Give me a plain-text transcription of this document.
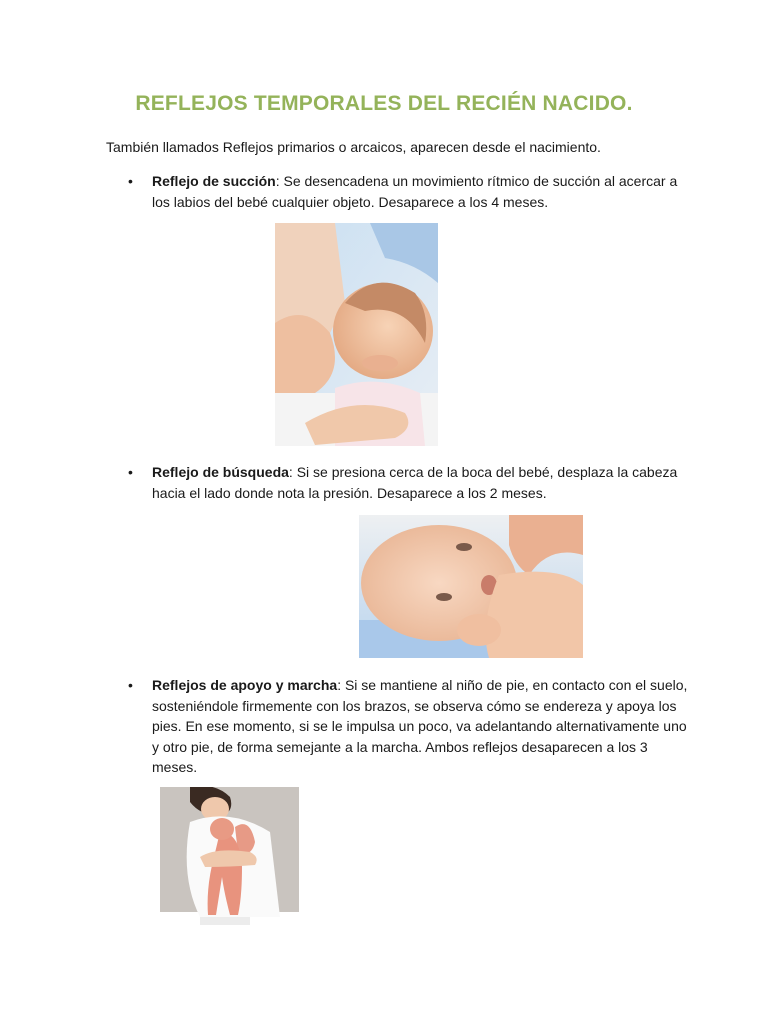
REFLEJOS TEMPORALES DEL RECIÉN NACIDO.
También llamados Reflejos primarios o arcaicos, aparecen desde el nacimiento.
• Reflejo de succión: Se desencadena un movimiento rítmico de succión al acercar a los labios del bebé cualquier objeto. Desaparece a los 4 meses.
• Reflejo de búsqueda: Si se presiona cerca de la boca del bebé, desplaza la cabeza hacia el lado donde nota la presión. Desaparece a los 2 meses.
• Reflejos de apoyo y marcha: Si se mantiene al niño de pie, en contacto con el suelo, sosteniéndole firmemente con los brazos, se observa cómo se endereza y apoya los pies. En ese momento, si se le impulsa un poco, va adelantando alternativamente uno y otro pie, de forma semejante a la marcha. Ambos reflejos desaparecen a los 3 meses.
